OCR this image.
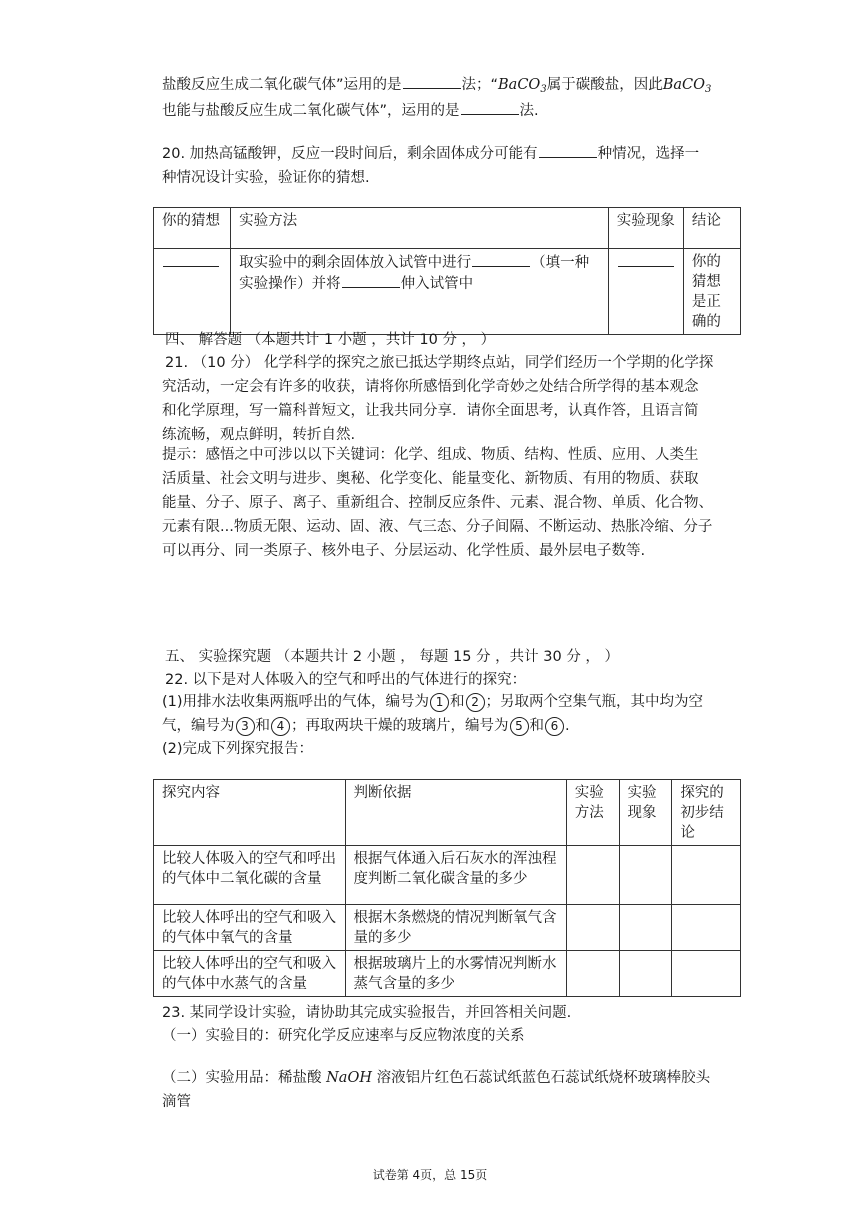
盐酸反应生成二氧化碳气体”运用的是	法；“BaCO$_3$属于碳酸盐，因此BaCO$_3$
也能与盐酸反应生成二氧化碳气体”，运用的是	法.
20. 加热高锰酸钾，反应一段时间后，剩余固体成分可能有	种情况，选择一
种情况设计实验，验证你的猜想.
你的猜想	实验方法	实验现象	结论
	取实验中的剩余固体放入试管中进行 （填一种实验操作）并将 伸入试管中		你的猜想是正确的
四、 解答题 （本题共计 1 小题 ，共计 10 分 ， ）
21. （10 分） 化学科学的探究之旅已抵达学期终点站，同学们经历一个学期的化学探
究活动，一定会有许多的收获，请将你所感悟到化学奇妙之处结合所学得的基本观念
和化学原理，写一篇科普短文，让我共同分享．请你全面思考，认真作答，且语言简
练流畅，观点鲜明，转折自然.
提示：感悟之中可涉以以下关键词：化学、组成、物质、结构、性质、应用、人类生
活质量、社会文明与进步、奥秘、化学变化、能量变化、新物质、有用的物质、获取
能量、分子、原子、离子、重新组合、控制反应条件、元素、混合物、单质、化合物、
元素有限...物质无限、运动、固、液、气三态、分子间隔、不断运动、热胀冷缩、分子
可以再分、同一类原子、核外电子、分层运动、化学性质、最外层电子数等.
五、 实验探究题 （本题共计 2 小题 ， 每题 15 分 ，共计 30 分 ， ）
22. 以下是对人体吸入的空气和呼出的气体进行的探究：
(1)用排水法收集两瓶呼出的气体，编号为 1 和 2 ；另取两个空集气瓶，其中均为空
气，编号为 3 和 4 ；再取两块干燥的玻璃片，编号为 5 和 6 .
(2)完成下列探究报告：
探究内容	判断依据	实验方法	实验现象	探究的初步结论
比较人体吸入的空气和呼出的气体中二氧化碳的含量	根据气体通入后石灰水的浑浊程度判断二氧化碳含量的多少			
比较人体呼出的空气和吸入的气体中氧气的含量	根据木条燃烧的情况判断氧气含量的多少			
比较人体呼出的空气和吸入的气体中水蒸气的含量	根据玻璃片上的水雾情况判断水蒸气含量的多少			
23. 某同学设计实验，请协助其完成实验报告，并回答相关问题.
（一）实验目的：研究化学反应速率与反应物浓度的关系
（二）实验用品：稀盐酸 NaOH 溶液铝片红色石蕊试纸蓝色石蕊试纸烧杯玻璃棒胶头
滴管
试卷第 4页，总 15页
